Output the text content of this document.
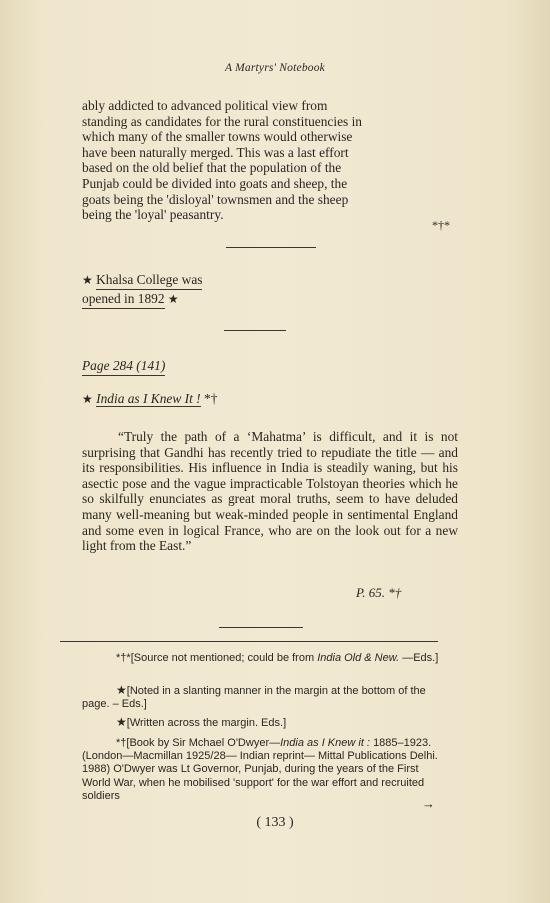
A Martyrs' Notebook
ably addicted to advanced political view from
standing as candidates for the rural constituencies in
which many of the smaller towns would otherwise
have been naturally merged. This was a last effort
based on the old belief that the population of the
Punjab could be divided into goats and sheep, the
goats being the 'disloyal' townsmen and the sheep
being the 'loyal' peasantry.
*†*
★ Khalsa College was
opened in 1892 ★
Page 284 (141)
★ India as I Knew It ! *†
“Truly the path of a ‘Mahatma’ is difficult, and it is not surprising that Gandhi has recently tried to repudiate the title — and its responsibilities. His influence in India is steadily waning, but his asectic pose and the vague impracticable Tolstoyan theories which he so skilfully enunciates as great moral truths, seem to have deluded many well-meaning but weak-minded people in sentimental England and some even in logical France, who are on the look out for a new light from the East.”
P. 65. *†
*†*[Source not mentioned; could be from India Old & New. —Eds.]
★[Noted in a slanting manner in the margin at the bottom of the page. – Eds.]
★[Written across the margin. Eds.]
*†[Book by Sir Mchael O'Dwyer—India as I Knew it : 1885–1923. (London—Macmillan 1925/28— Indian reprint— Mittal Publications Delhi. 1988) O'Dwyer was Lt Governor, Punjab, during the years of the First World War, when he mobilised 'support' for the war effort and recruited soldiers
→
( 133 )
